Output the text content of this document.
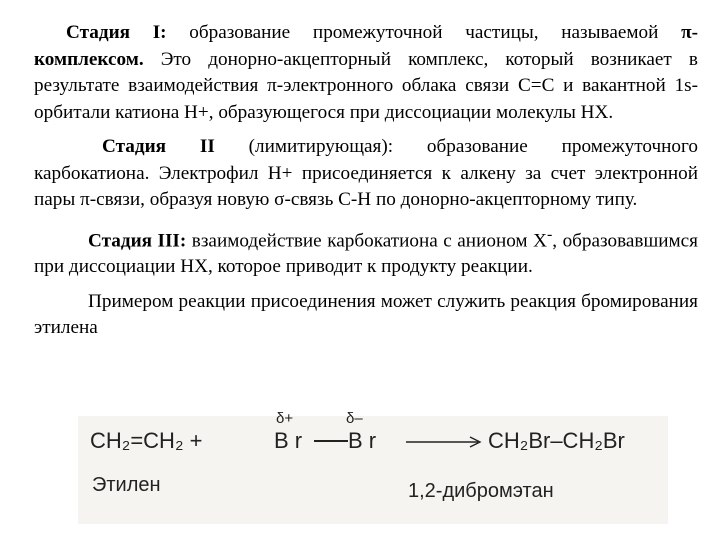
Стадия I: образование промежуточной частицы, называемой π-комплексом. Это донорно-акцепторный комплекс, который возникает в результате взаимодействия π-электронного облака связи С=С и вакантной 1s-орбитали катиона Н+, образующегося при диссоциации молекулы НХ.

Стадия II (лимитирующая): образование промежуточного карбокатиона. Электрофил Н+ присоединяется к алкену за счет электронной пары π-связи, образуя новую σ-связь С-Н по донорно-акцепторному типу.

Стадия III: взаимодействие карбокатиона с анионом Х-, образовавшимся при диссоциации НХ, которое приводит к продукту реакции.

Примером реакции присоединения может служить реакция бромирования этилена

CH₂=CH₂ +
δ+
B r
δ–
B r	CH₂Br–CH₂Br
Этилен	1,2-дибромэтан
